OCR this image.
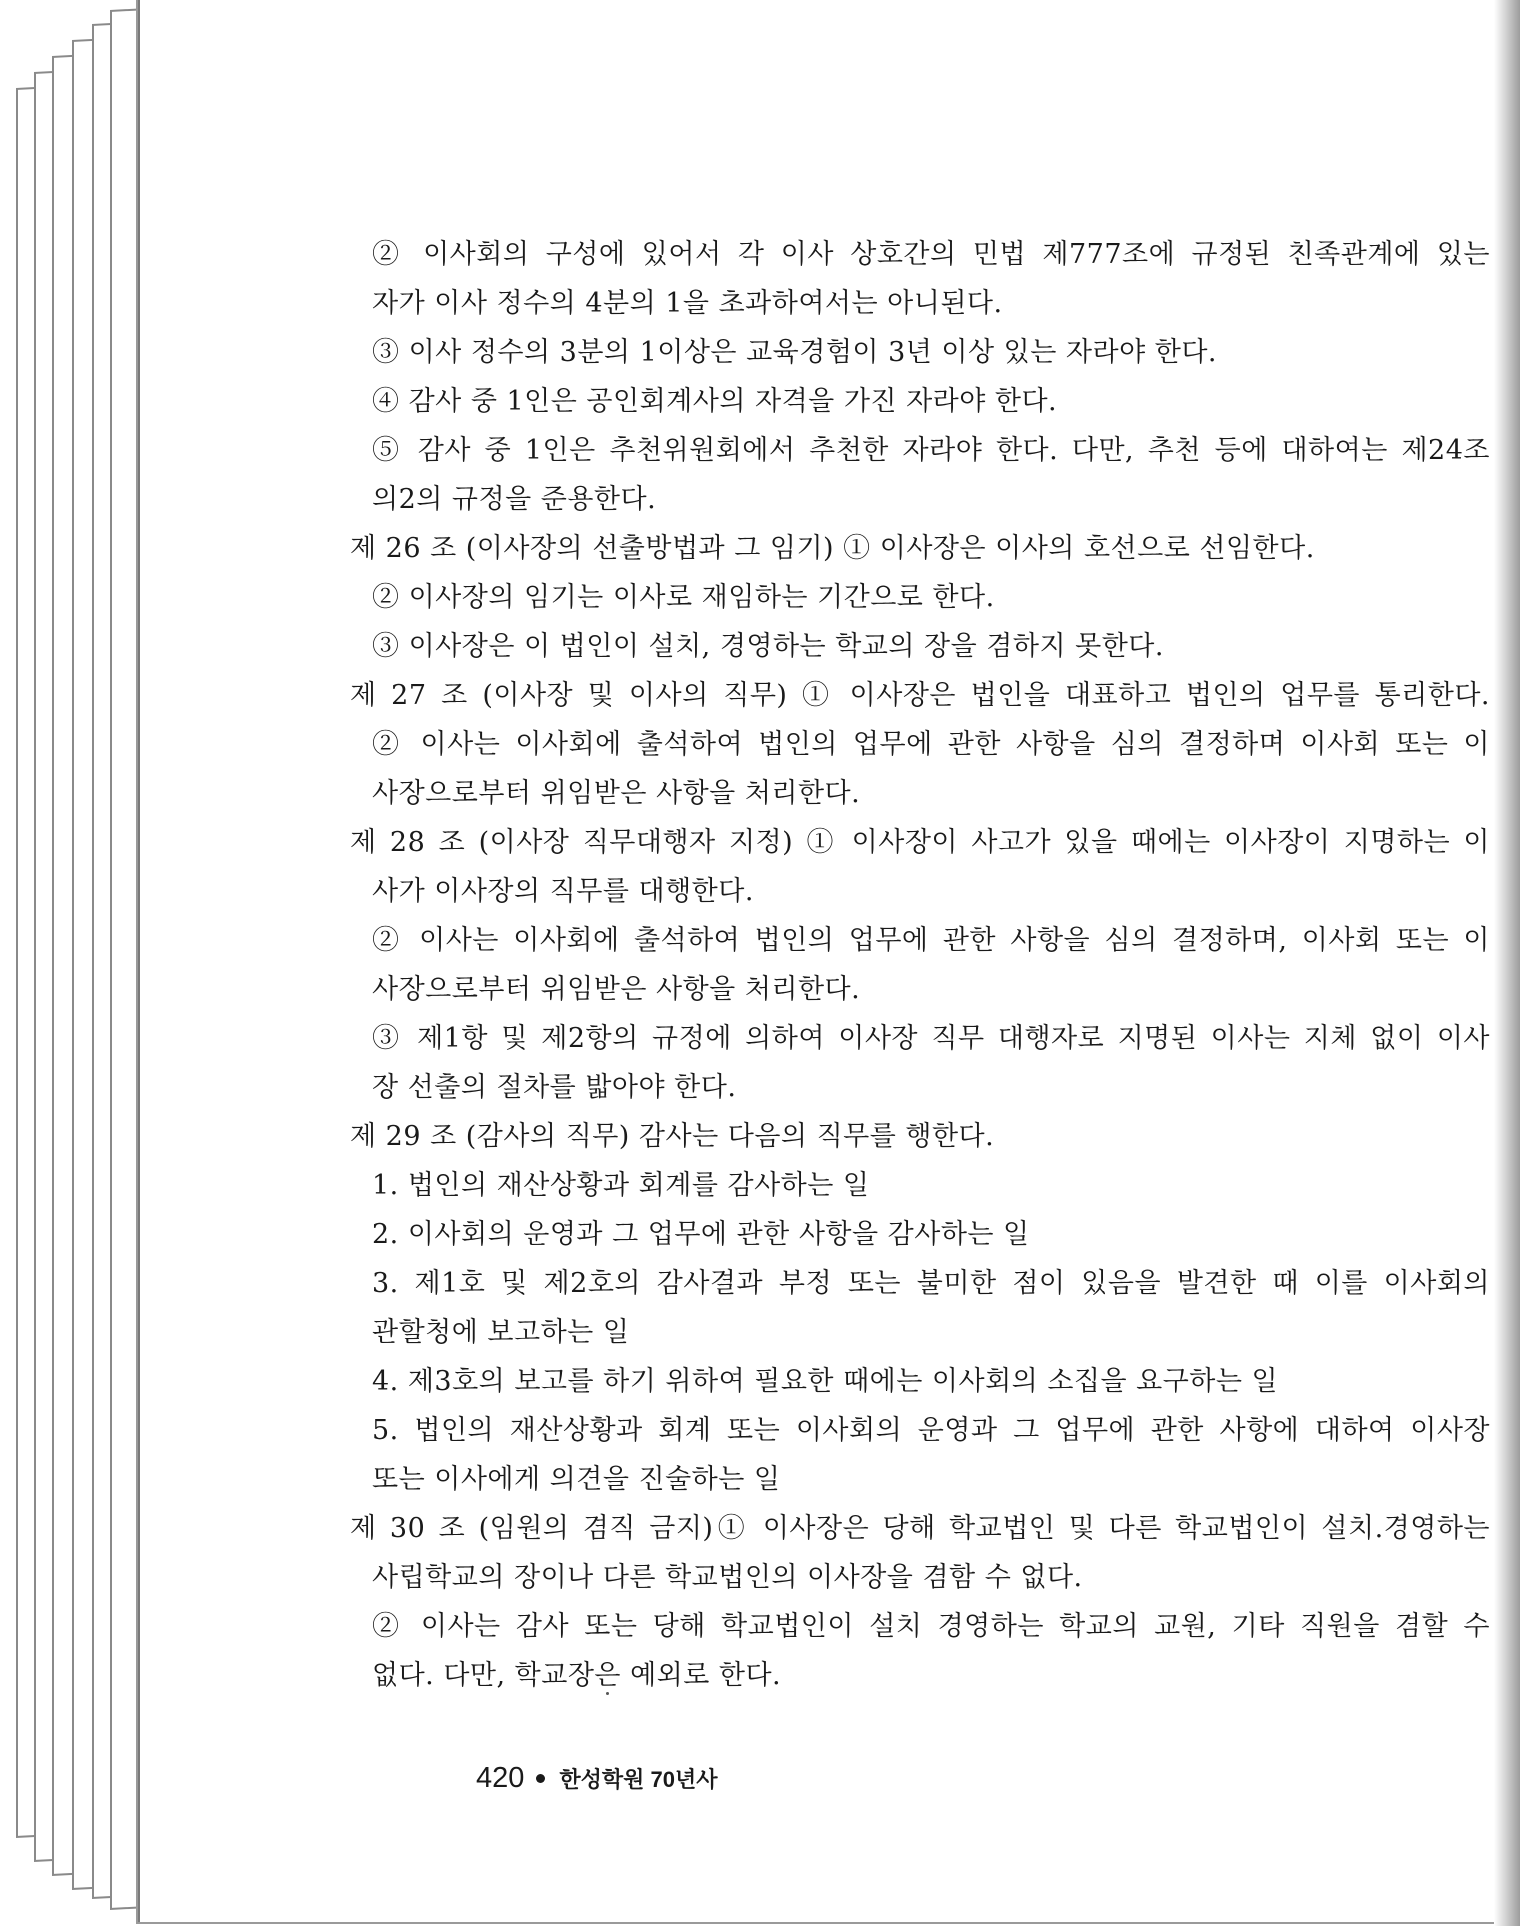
② 이사회의 구성에 있어서 각 이사 상호간의 민법 제777조에 규정된 친족관계에 있는
자가 이사 정수의 4분의 1을 초과하여서는 아니된다.
③ 이사 정수의 3분의 1이상은 교육경험이 3년 이상 있는 자라야 한다.
④ 감사 중 1인은 공인회계사의 자격을 가진 자라야 한다.
⑤ 감사 중 1인은 추천위원회에서 추천한 자라야 한다. 다만, 추천 등에 대하여는 제24조
의2의 규정을 준용한다.
제 26 조 (이사장의 선출방법과 그 임기) ① 이사장은 이사의 호선으로 선임한다.
② 이사장의 임기는 이사로 재임하는 기간으로 한다.
③ 이사장은 이 법인이 설치, 경영하는 학교의 장을 겸하지 못한다.
제 27 조 (이사장 및 이사의 직무) ① 이사장은 법인을 대표하고 법인의 업무를 통리한다.
② 이사는 이사회에 출석하여 법인의 업무에 관한 사항을 심의 결정하며 이사회 또는 이
사장으로부터 위임받은 사항을 처리한다.
제 28 조 (이사장 직무대행자 지정) ① 이사장이 사고가 있을 때에는 이사장이 지명하는 이
사가 이사장의 직무를 대행한다.
② 이사는 이사회에 출석하여 법인의 업무에 관한 사항을 심의 결정하며, 이사회 또는 이
사장으로부터 위임받은 사항을 처리한다.
③ 제1항 및 제2항의 규정에 의하여 이사장 직무 대행자로 지명된 이사는 지체 없이 이사
장 선출의 절차를 밟아야 한다.
제 29 조 (감사의 직무) 감사는 다음의 직무를 행한다.
1. 법인의 재산상황과 회계를 감사하는 일
2. 이사회의 운영과 그 업무에 관한 사항을 감사하는 일
3. 제1호 및 제2호의 감사결과 부정 또는 불미한 점이 있음을 발견한 때 이를 이사회의
관할청에 보고하는 일
4. 제3호의 보고를 하기 위하여 필요한 때에는 이사회의 소집을 요구하는 일
5. 법인의 재산상황과 회계 또는 이사회의 운영과 그 업무에 관한 사항에 대하여 이사장
또는 이사에게 의견을 진술하는 일
제 30 조 (임원의 겸직 금지)① 이사장은 당해 학교법인 및 다른 학교법인이 설치.경영하는
사립학교의 장이나 다른 학교법인의 이사장을 겸함 수 없다.
② 이사는 감사 또는 당해 학교법인이 설치 경영하는 학교의 교원, 기타 직원을 겸할 수
없다. 다만, 학교장은 예외로 한다.
420 한성학원 70년사
